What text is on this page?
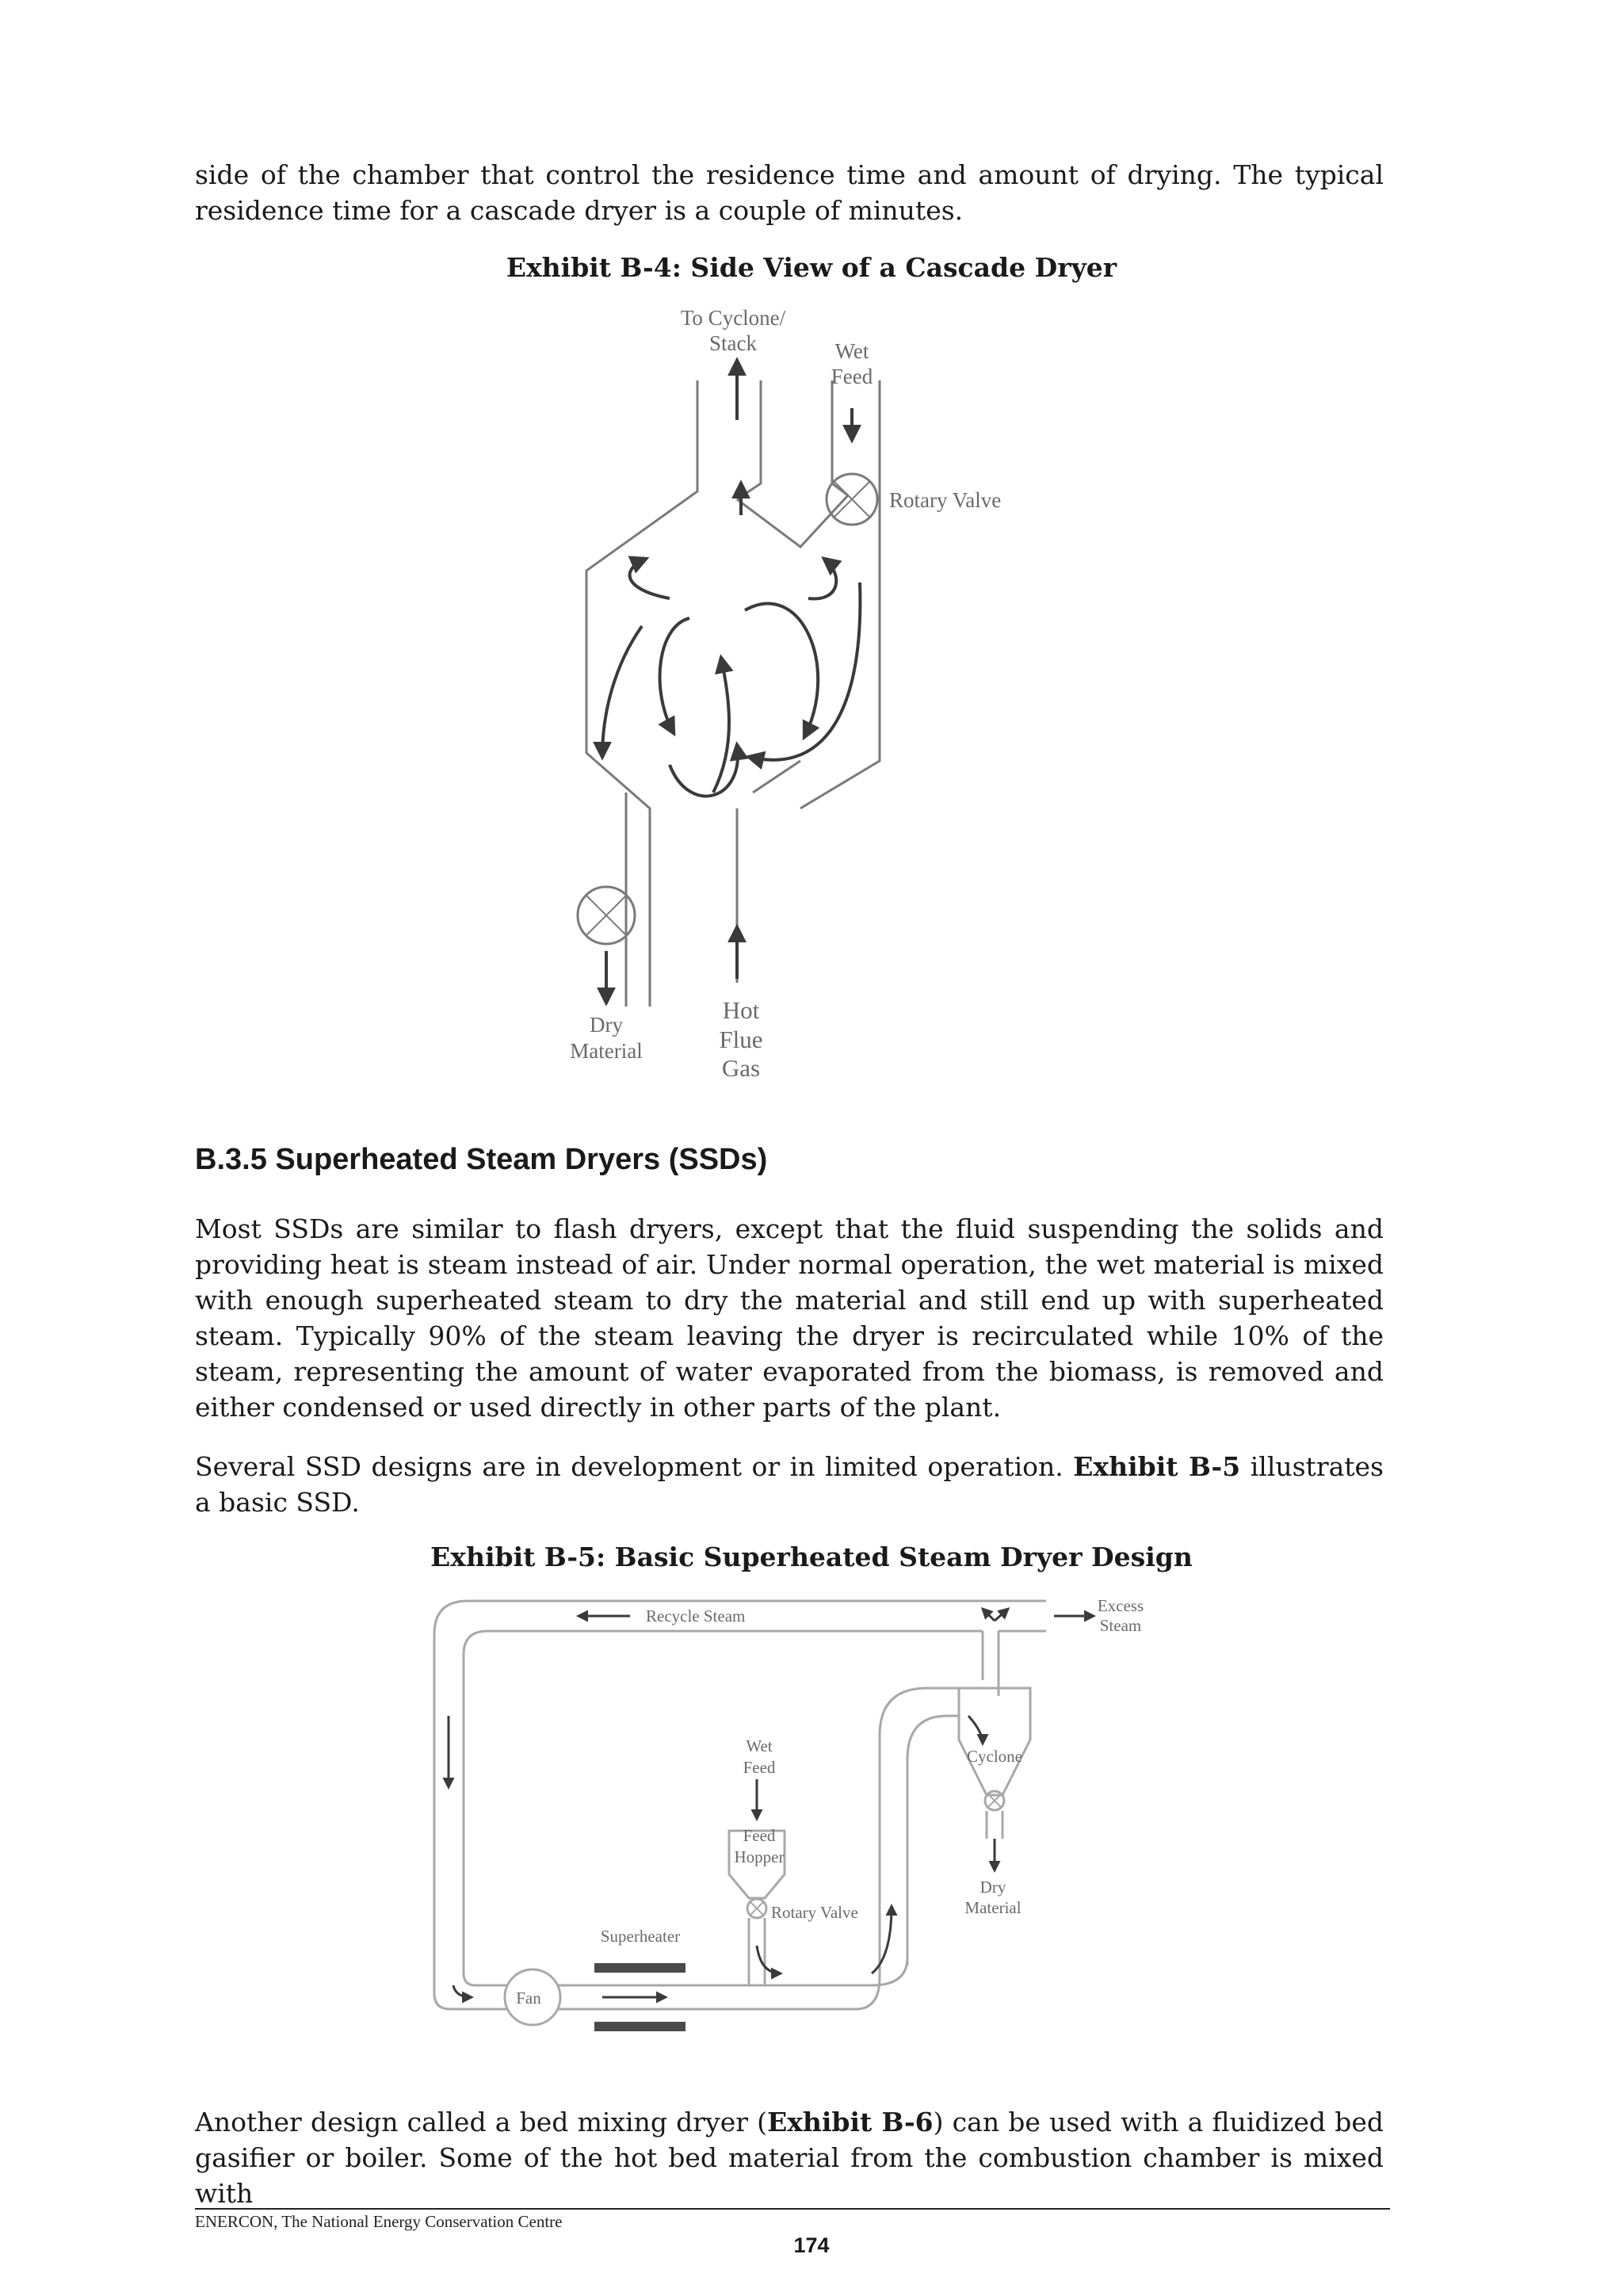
side of the chamber that control the residence time and amount of drying. The typical residence time for a cascade dryer is a couple of minutes.

Exhibit B-4: Side View of a Cascade Dryer
To Cyclone/
Stack	Wet
Feed
Rotary Valve
Dry
Material
Hot
Flue
Gas
B.3.5 Superheated Steam Dryers (SSDs)

Most SSDs are similar to flash dryers, except that the fluid suspending the solids and providing heat is steam instead of air. Under normal operation, the wet material is mixed with enough superheated steam to dry the material and still end up with superheated steam. Typically 90% of the steam leaving the dryer is recirculated while 10% of the steam, representing the amount of water evaporated from the biomass, is removed and either condensed or used directly in other parts of the plant.

Several SSD designs are in development or in limited operation. Exhibit B-5 illustrates a basic SSD.

Exhibit B-5: Basic Superheated Steam Dryer Design
Recycle Steam
Excess
Steam
Wet
Feed
Feed
Hopper
Rotary Valve
Cyclone
Dry
Material
Superheater
Fan

Another design called a bed mixing dryer (Exhibit B-6) can be used with a fluidized bed gasifier or boiler. Some of the hot bed material from the combustion chamber is mixed with

ENERCON, The National Energy Conservation Centre
174
